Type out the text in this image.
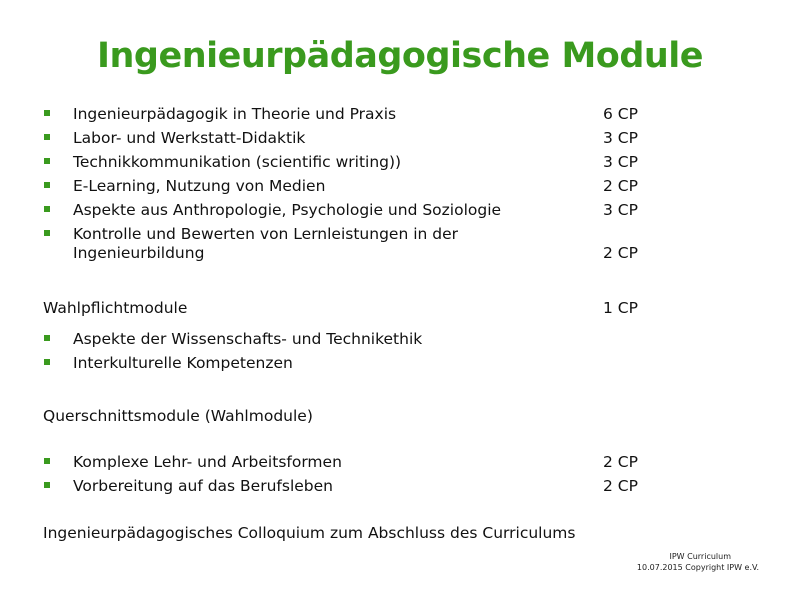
Ingenieurpädagogische Module
Ingenieurpädagogik in Theorie und Praxis	6 CP
Labor- und Werkstatt-Didaktik	3 CP
Technikkommunikation (scientific writing))	3 CP
E-Learning, Nutzung von Medien	2 CP
Aspekte aus Anthropologie, Psychologie und Soziologie	3 CP
Kontrolle und Bewerten von Lernleistungen in der
Ingenieurbildung	2 CP
Wahlpflichtmodule	1 CP
Aspekte der Wissenschafts- und Technikethik
Interkulturelle Kompetenzen
Querschnittsmodule (Wahlmodule)
Komplexe Lehr- und Arbeitsformen	2 CP
Vorbereitung auf das Berufsleben	2 CP
Ingenieurpädagogisches Colloquium zum Abschluss des Curriculums
IPW Curriculum
10.07.2015 Copyright IPW e.V.
